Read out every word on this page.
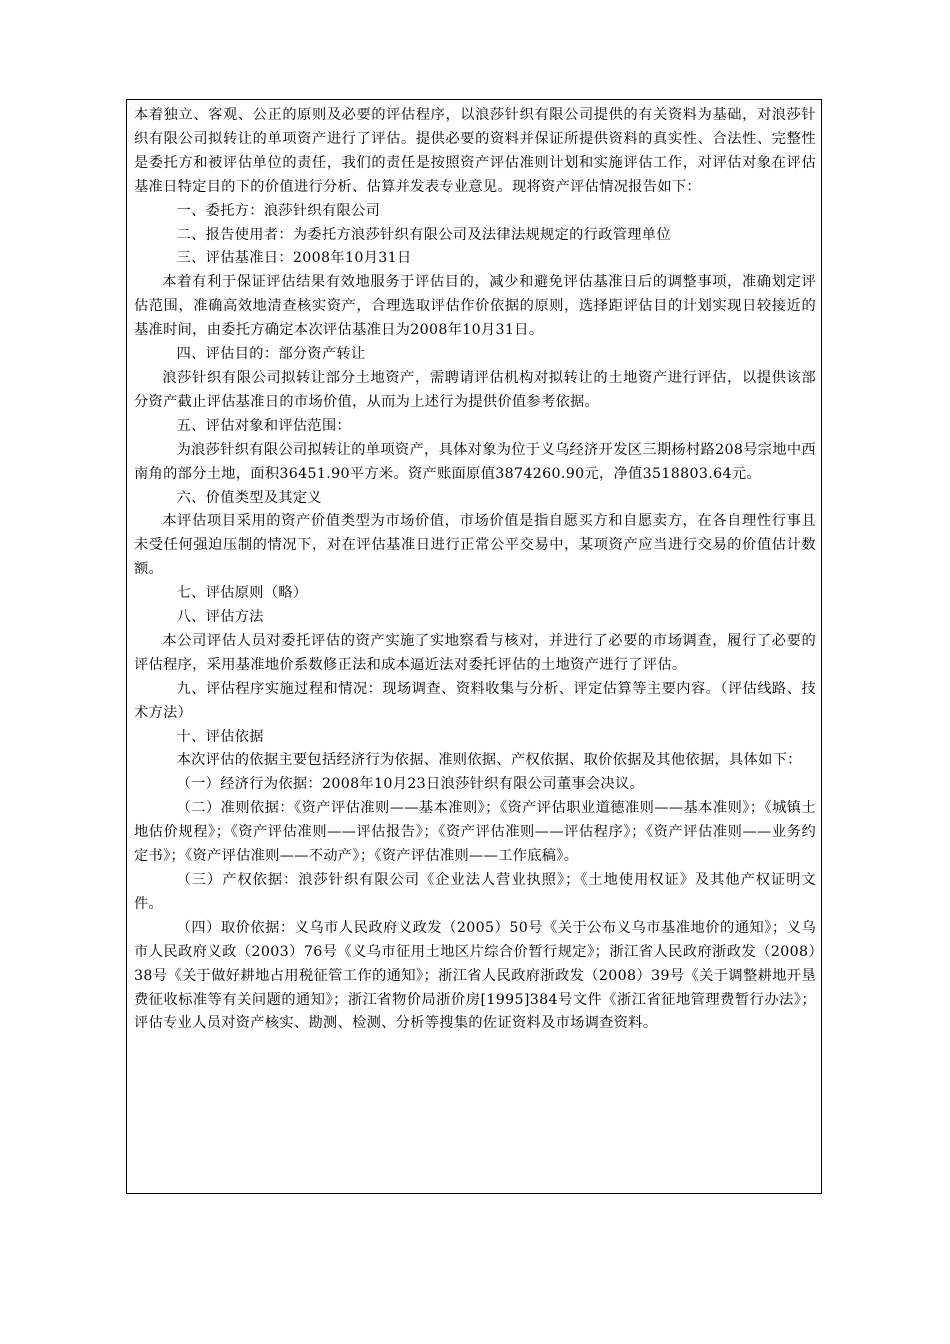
本着独立、客观、公正的原则及必要的评估程序，以浪莎针织有限公司提供的有关资料为基础，对浪莎针织有限公司拟转让的单项资产进行了评估。提供必要的资料并保证所提供资料的真实性、合法性、完整性是委托方和被评估单位的责任，我们的责任是按照资产评估准则计划和实施评估工作，对评估对象在评估基准日特定目的下的价值进行分析、估算并发表专业意见。现将资产评估情况报告如下：

一、委托方：浪莎针织有限公司

二、报告使用者：为委托方浪莎针织有限公司及法律法规规定的行政管理单位

三、评估基准日：2008年10月31日

本着有利于保证评估结果有效地服务于评估目的，减少和避免评估基准日后的调整事项，准确划定评估范围，准确高效地清查核实资产，合理选取评估作价依据的原则，选择距评估目的计划实现日较接近的基准时间，由委托方确定本次评估基准日为2008年10月31日。

四、评估目的：部分资产转让

浪莎针织有限公司拟转让部分土地资产，需聘请评估机构对拟转让的土地资产进行评估，以提供该部分资产截止评估基准日的市场价值，从而为上述行为提供价值参考依据。

五、评估对象和评估范围：

为浪莎针织有限公司拟转让的单项资产，具体对象为位于义乌经济开发区三期杨村路208号宗地中西南角的部分土地，面积36451.90平方米。资产账面原值3874260.90元，净值3518803.64元。

六、价值类型及其定义

本评估项目采用的资产价值类型为市场价值，市场价值是指自愿买方和自愿卖方，在各自理性行事且未受任何强迫压制的情况下，对在评估基准日进行正常公平交易中，某项资产应当进行交易的价值估计数额。

七、评估原则（略）

八、评估方法

本公司评估人员对委托评估的资产实施了实地察看与核对，并进行了必要的市场调查，履行了必要的评估程序，采用基准地价系数修正法和成本逼近法对委托评估的土地资产进行了评估。

九、评估程序实施过程和情况：现场调查、资料收集与分析、评定估算等主要内容。（评估线路、技术方法）

十、评估依据

本次评估的依据主要包括经济行为依据、准则依据、产权依据、取价依据及其他依据，具体如下：

（一）经济行为依据：2008年10月23日浪莎针织有限公司董事会决议。

（二）准则依据：《资产评估准则——基本准则》；《资产评估职业道德准则——基本准则》；《城镇土地估价规程》；《资产评估准则——评估报告》；《资产评估准则——评估程序》；《资产评估准则——业务约定书》；《资产评估准则——不动产》；《资产评估准则——工作底稿》。

（三）产权依据：浪莎针织有限公司《企业法人营业执照》；《土地使用权证》及其他产权证明文件。

（四）取价依据：义乌市人民政府义政发（2005）50号《关于公布义乌市基准地价的通知》；义乌市人民政府义政（2003）76号《义乌市征用土地区片综合价暂行规定》；浙江省人民政府浙政发（2008）38号《关于做好耕地占用税征管工作的通知》；浙江省人民政府浙政发（2008）39号《关于调整耕地开垦费征收标准等有关问题的通知》；浙江省物价局浙价房[1995]384号文件《浙江省征地管理费暂行办法》；评估专业人员对资产核实、勘测、检测、分析等搜集的佐证资料及市场调查资料。
